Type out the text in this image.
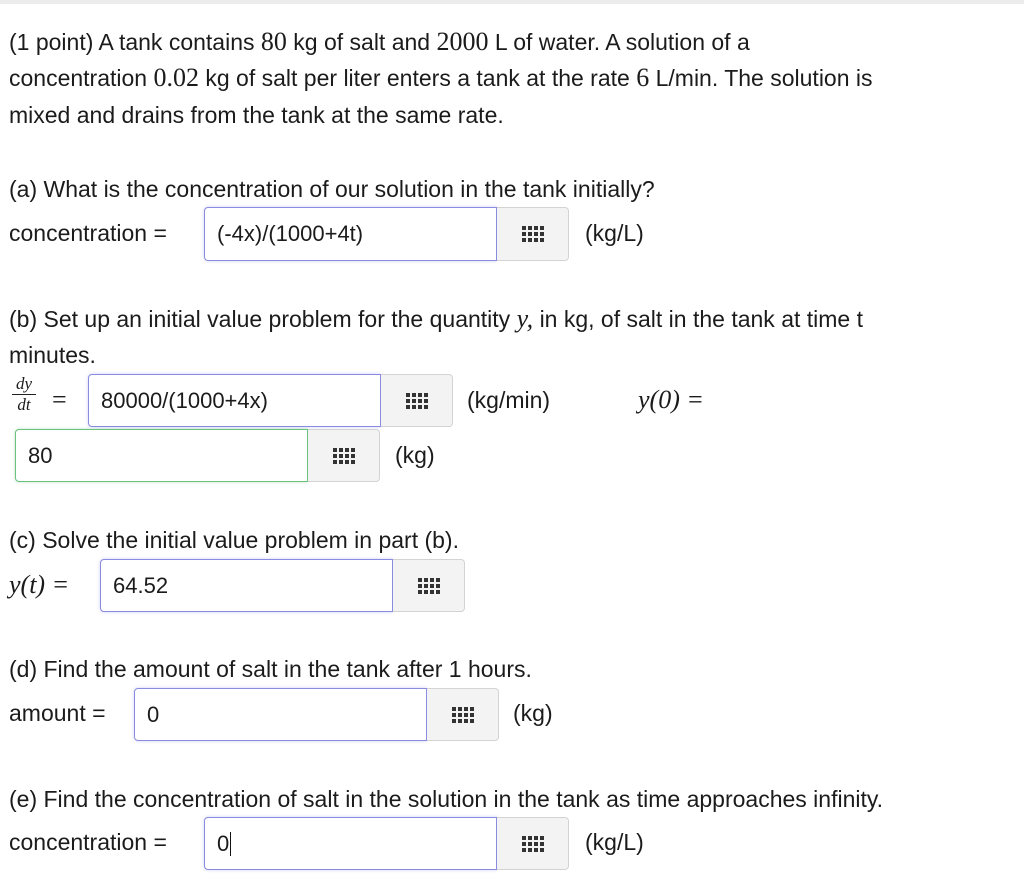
(1 point) A tank contains 80 kg of salt and 2000 L of water. A solution of a
concentration 0.02 kg of salt per liter enters a tank at the rate 6 L/min. The solution is
mixed and drains from the tank at the same rate.
(a) What is the concentration of our solution in the tank initially?
concentration =	(-4x)/(1000+4t)	(kg/L)
(b) Set up an initial value problem for the quantity y, in kg, of salt in the tank at time t
minutes.
dy
dt =	80000/(1000+4x)	(kg/min)	y(0) =
80	(kg)
(c) Solve the initial value problem in part (b).
y(t) =	64.52
(d) Find the amount of salt in the tank after 1 hours.
amount =	0	(kg)
(e) Find the concentration of salt in the solution in the tank as time approaches infinity.
concentration = 0	(kg/L)
